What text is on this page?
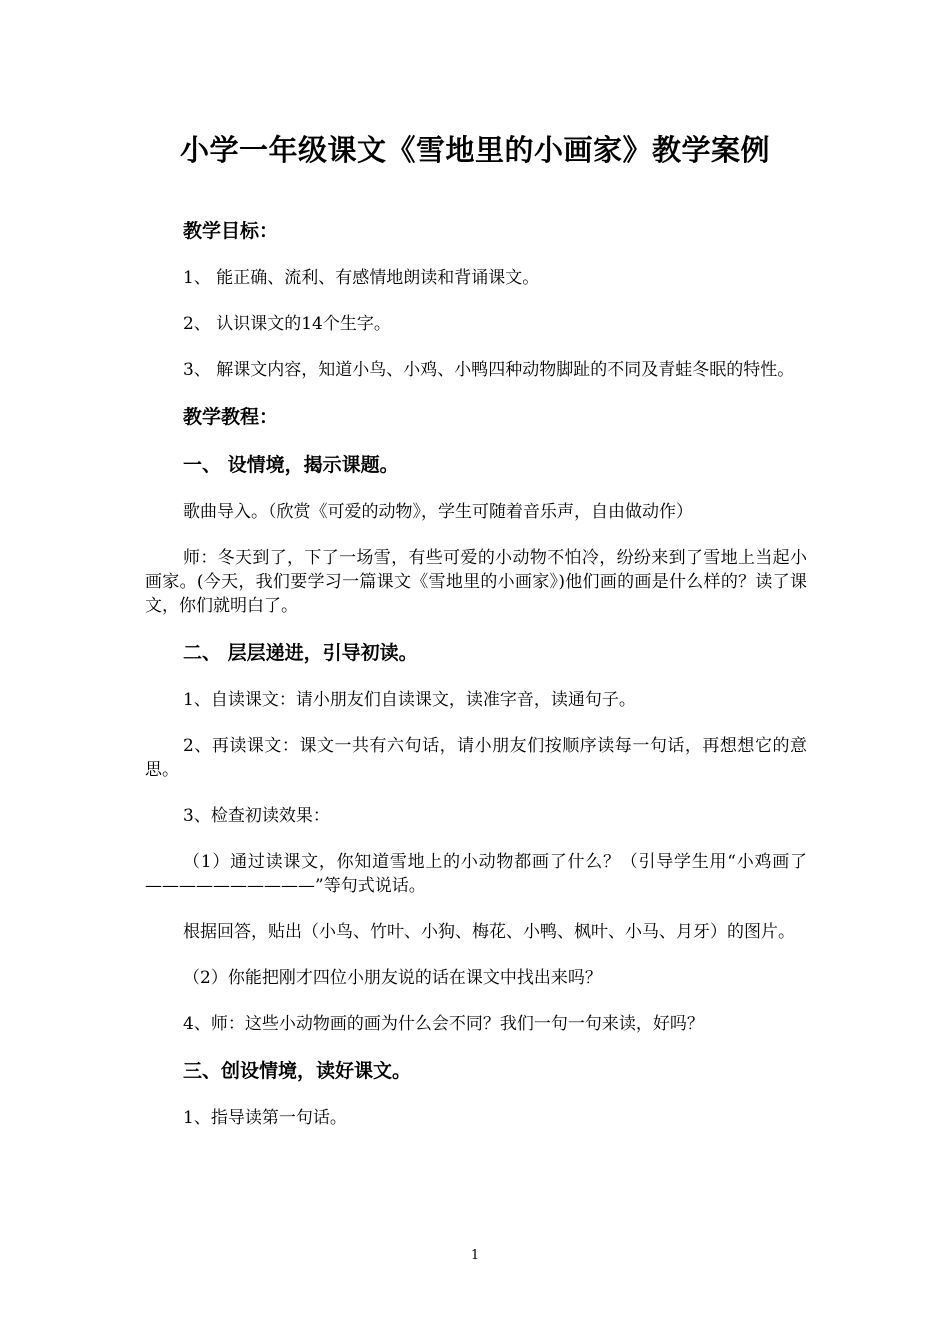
小学一年级课文《雪地里的小画家》教学案例
教学目标：
1、 能正确、流利、有感情地朗读和背诵课文。
2、 认识课文的14个生字。
3、 解课文内容，知道小鸟、小鸡、小鸭四种动物脚趾的不同及青蛙冬眠的特性。
教学教程：
一、 设情境，揭示课题。
歌曲导入。（欣赏《可爱的动物》，学生可随着音乐声，自由做动作）
师：冬天到了，下了一场雪，有些可爱的小动物不怕冷，纷纷来到了雪地上当起小画家。(今天，我们要学习一篇课文《雪地里的小画家》)他们画的画是什么样的？读了课文，你们就明白了。
二、 层层递进，引导初读。
1、自读课文：请小朋友们自读课文，读准字音，读通句子。
2、再读课文：课文一共有六句话，请小朋友们按顺序读每一句话，再想想它的意思。
3、检查初读效果：
（1）通过读课文，你知道雪地上的小动物都画了什么？（引导学生用“小鸡画了——————————”等句式说话。
根据回答，贴出（小鸟、竹叶、小狗、梅花、小鸭、枫叶、小马、月牙）的图片。
（2）你能把刚才四位小朋友说的话在课文中找出来吗？
4、师：这些小动物画的画为什么会不同？我们一句一句来读，好吗？
三、创设情境，读好课文。
1、指导读第一句话。
1
